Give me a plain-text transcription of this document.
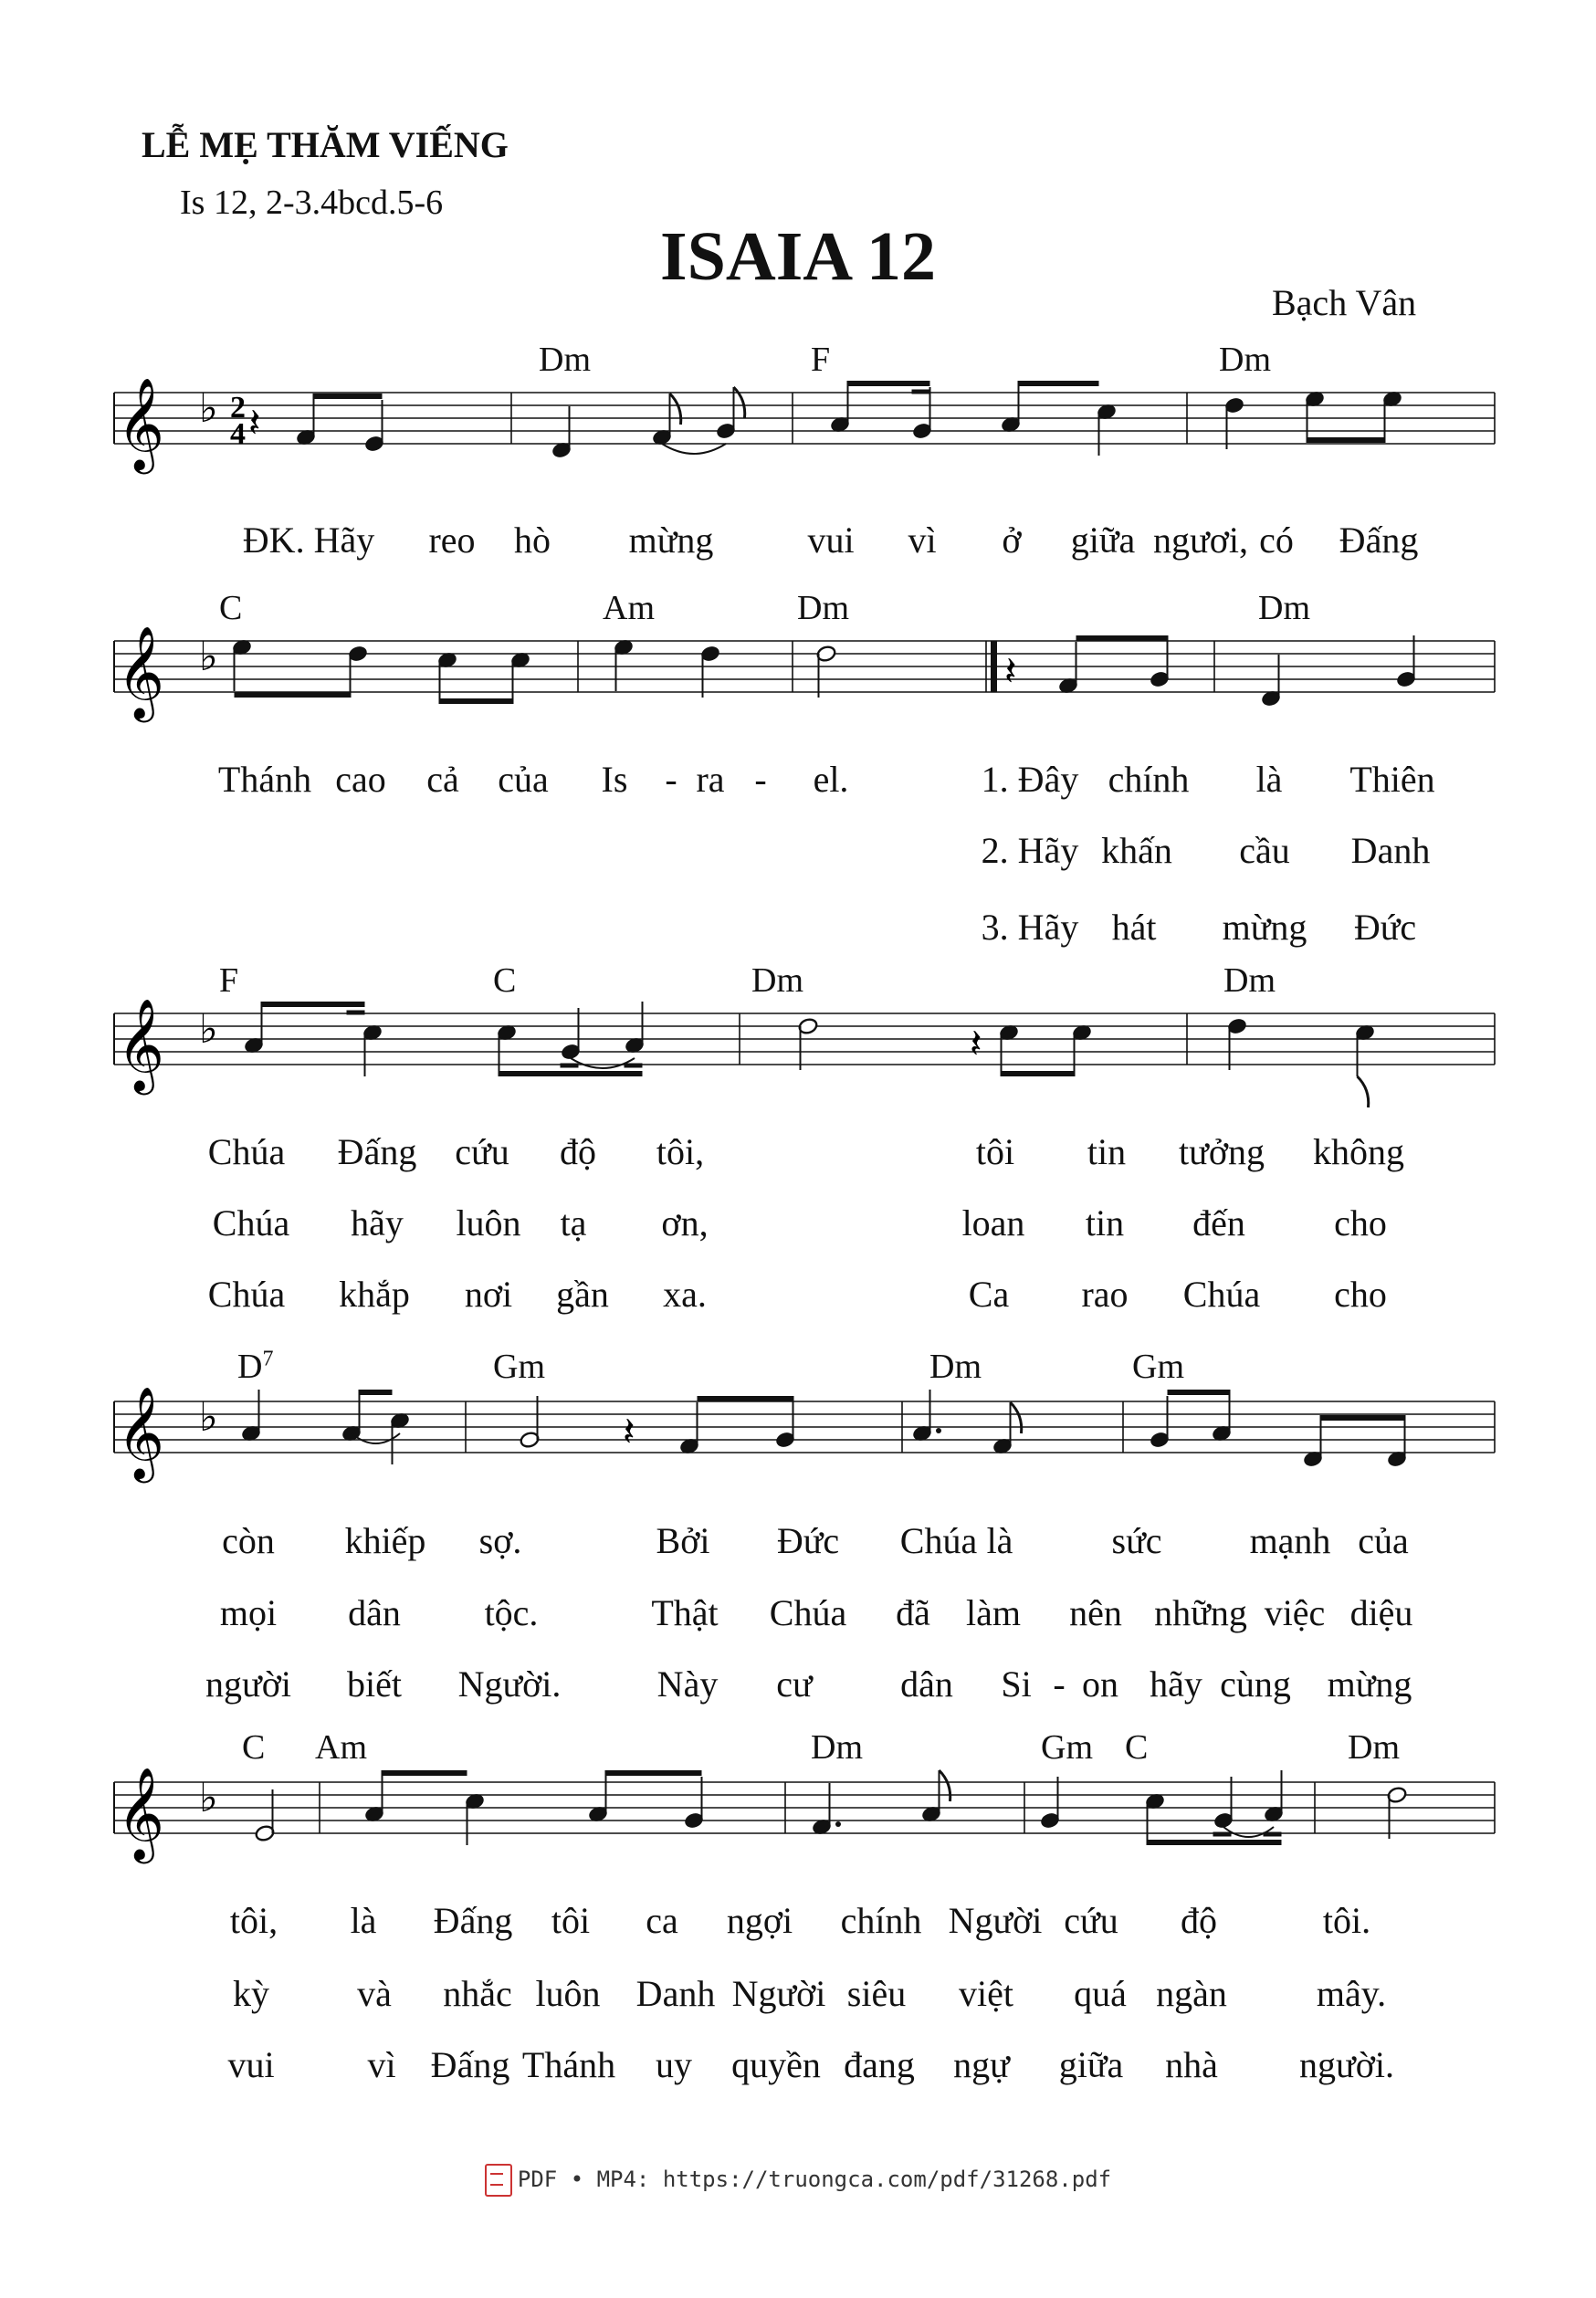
LỄ MẸ THĂM VIẾNG
Is 12, 2-3.4bcd.5-6
ISAIA 12
Bạch Vân
Dm	F	Dm
ĐK. Hãy reo hò mừng	vui vì ở giữa ngươi, có Đấng
𝄞 ♭ 2
4 𝄽
C	Am	Dm	Dm
Thánh cao cả của Is - ra - el.	1. Đây chính là Thiên
2. Hãy khấn cầu Danh
3. Hãy hát mừng Đức
𝄞 ♭	𝄽
F	C	Dm	Dm
Chúa Đấng cứu độ tôi,	tôi tin tưởng không
Chúa hãy luôn tạ ơn,	loan tin đến cho
Chúa khắp nơi gần xa.	Ca rao Chúa cho
𝄞 ♭	𝄽
$D^7$	Gm	Dm	Gm
còn khiếp sợ.	Bởi Đức Chúa là	sức mạnh của
mọi dân tộc.	Thật Chúa đã làm nên những việc diệu
người biết Người.	Này cư dân Si - on hãy cùng mừng
𝄞 ♭	𝄽
C Am	Dm	Gm C	Dm
tôi, là Đấng tôi ca ngợi chính Người cứu độ	tôi.
kỳ và nhắc luôn Danh Người siêu việt quá ngàn mây.
vui	vì Đấng Thánh uy quyền đang ngự giữa nhà người.
𝄞 ♭
PDF • MP4: https://truongca.com/pdf/31268.pdf
